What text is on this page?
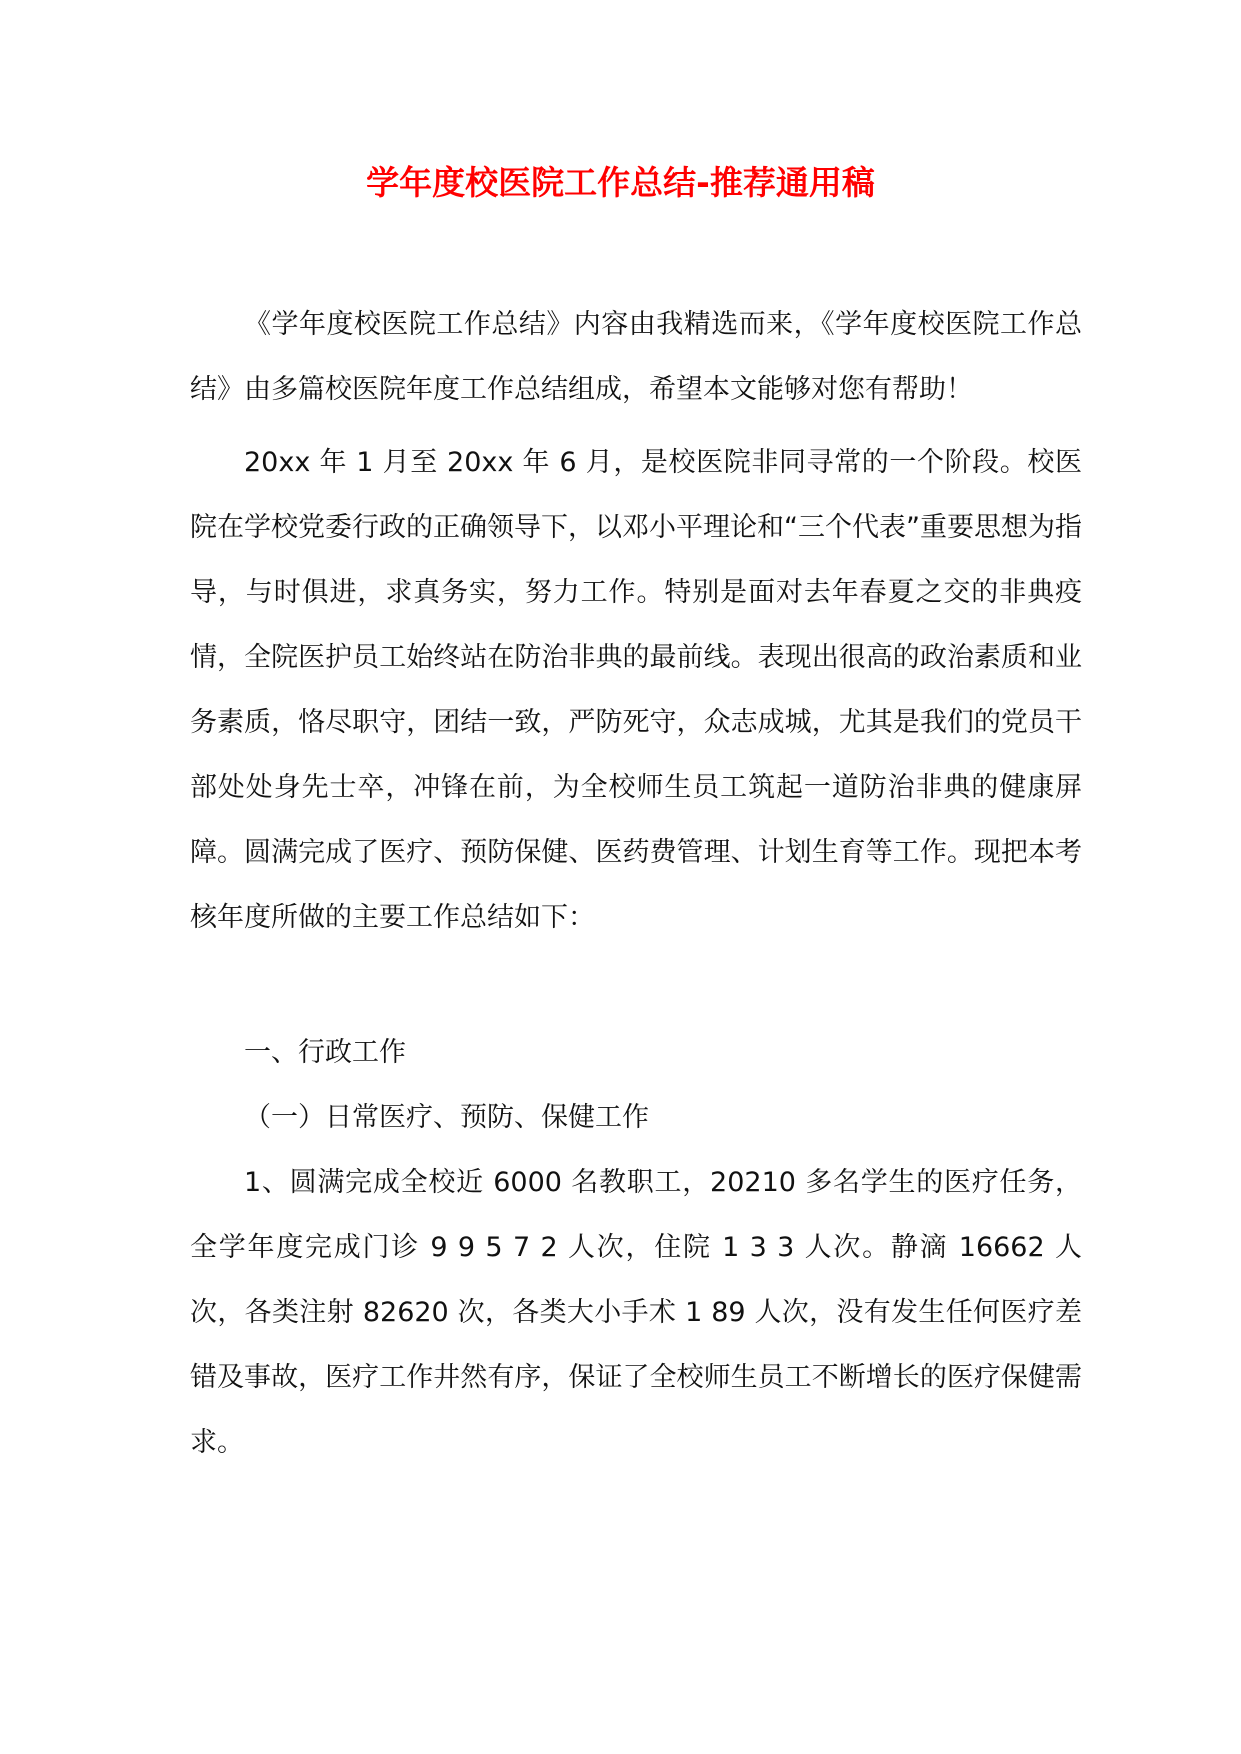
学年度校医院工作总结-推荐通用稿

《学年度校医院工作总结》内容由我精选而来，《学年度校医院工作总结》由多篇校医院年度工作总结组成，希望本文能够对您有帮助！

20xx 年 1 月至 20xx 年 6 月，是校医院非同寻常的一个阶段。校医院在学校党委行政的正确领导下，以邓小平理论和“三个代表”重要思想为指导，与时俱进，求真务实，努力工作。特别是面对去年春夏之交的非典疫情，全院医护员工始终站在防治非典的最前线。表现出很高的政治素质和业务素质，恪尽职守，团结一致，严防死守，众志成城，尤其是我们的党员干部处处身先士卒，冲锋在前，为全校师生员工筑起一道防治非典的健康屏障。圆满完成了医疗、预防保健、医药费管理、计划生育等工作。现把本考核年度所做的主要工作总结如下：

一、行政工作

（一）日常医疗、预防、保健工作

1、圆满完成全校近 6000 名教职工，20210 多名学生的医疗任务，全学年度完成门诊 9 9 5 7 2 人次，住院 1 3 3 人次。静滴 16662 人次，各类注射 82620 次，各类大小手术 1 89 人次，没有发生任何医疗差错及事故，医疗工作井然有序，保证了全校师生员工不断增长的医疗保健需求。
